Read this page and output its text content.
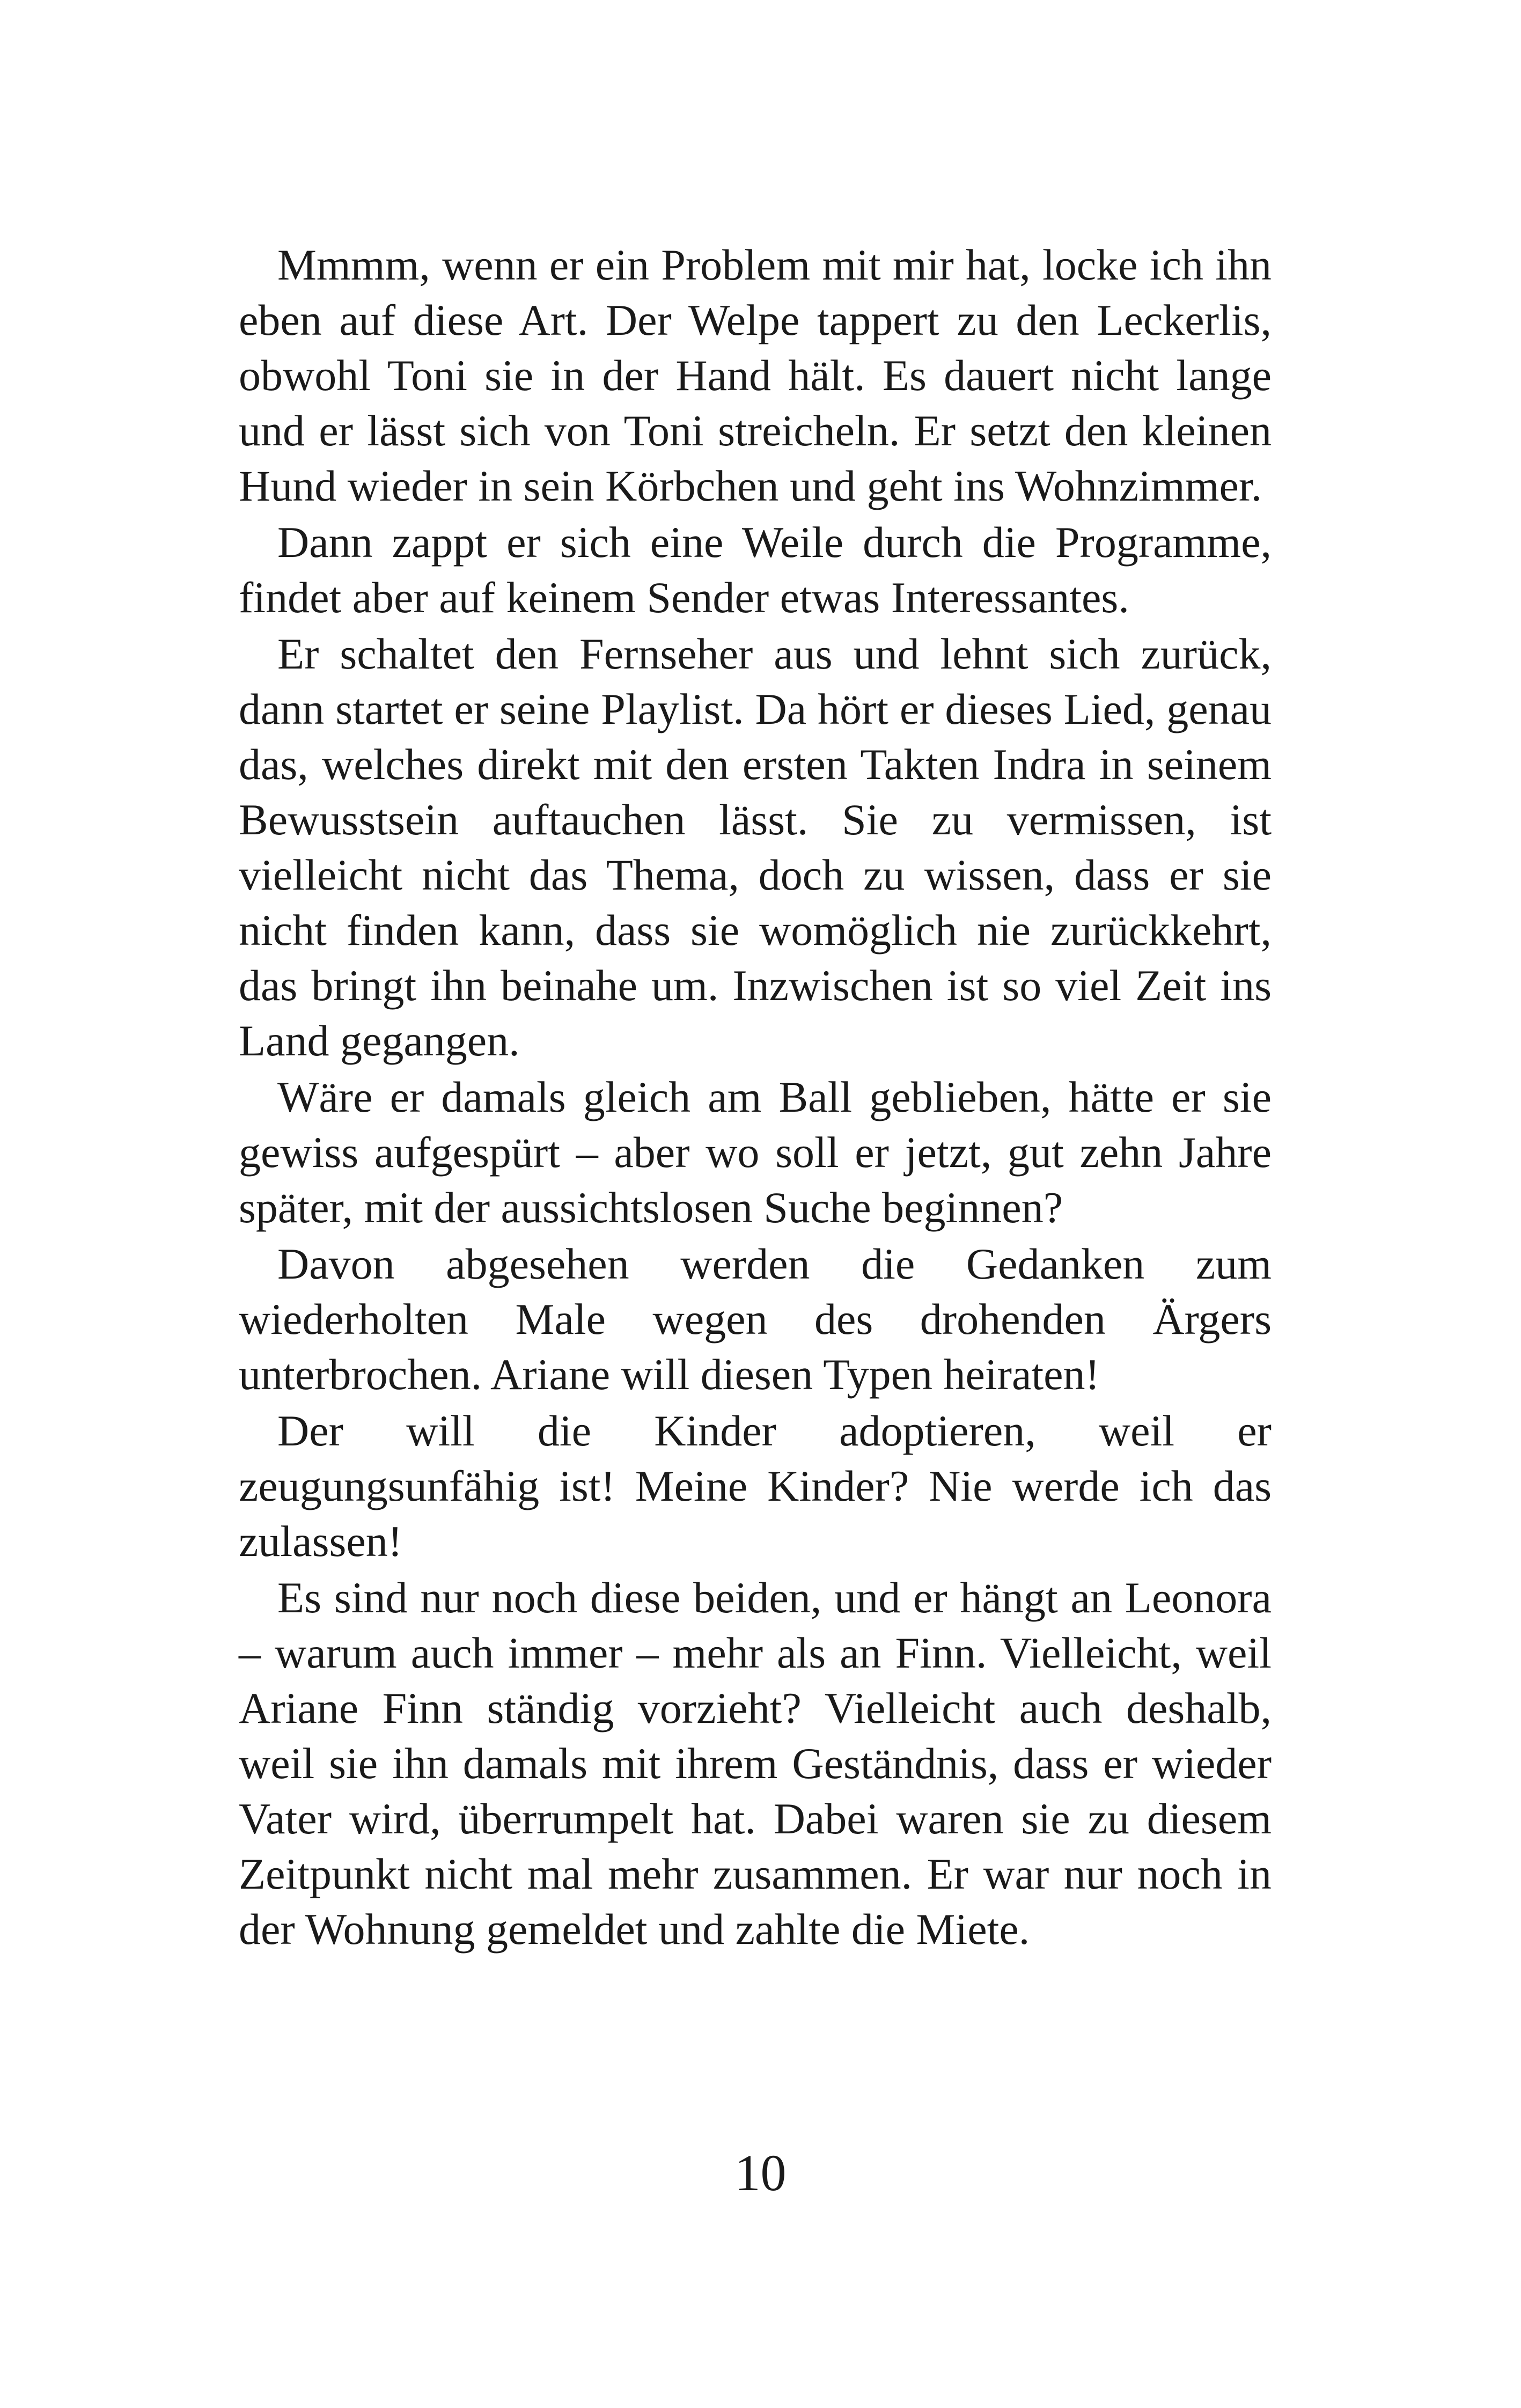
Mmmm, wenn er ein Problem mit mir hat, locke ich ihn eben auf diese Art. Der Welpe tappert zu den Leckerlis, obwohl Toni sie in der Hand hält. Es dauert nicht lange und er lässt sich von Toni streicheln. Er setzt den kleinen Hund wieder in sein Körbchen und geht ins Wohnzimmer.

Dann zappt er sich eine Weile durch die Programme, findet aber auf keinem Sender etwas Interessantes.

Er schaltet den Fernseher aus und lehnt sich zurück, dann startet er seine Playlist. Da hört er dieses Lied, genau das, welches direkt mit den ersten Takten Indra in seinem Bewusstsein auftauchen lässt. Sie zu vermissen, ist vielleicht nicht das Thema, doch zu wissen, dass er sie nicht finden kann, dass sie womöglich nie zurückkehrt, das bringt ihn beinahe um. Inzwischen ist so viel Zeit ins Land gegangen.

Wäre er damals gleich am Ball geblieben, hätte er sie gewiss aufgespürt – aber wo soll er jetzt, gut zehn Jahre später, mit der aussichtslosen Suche beginnen?

Davon abgesehen werden die Gedanken zum wiederholten Male wegen des drohenden Ärgers unterbrochen. Ariane will diesen Typen heiraten!

Der will die Kinder adoptieren, weil er zeugungsunfähig ist! Meine Kinder? Nie werde ich das zulassen!

Es sind nur noch diese beiden, und er hängt an Leonora – warum auch immer – mehr als an Finn. Vielleicht, weil Ariane Finn ständig vorzieht? Vielleicht auch deshalb, weil sie ihn damals mit ihrem Geständnis, dass er wieder Vater wird, überrumpelt hat. Dabei waren sie zu diesem Zeitpunkt nicht mal mehr zusammen. Er war nur noch in der Wohnung gemeldet und zahlte die Miete.

10
